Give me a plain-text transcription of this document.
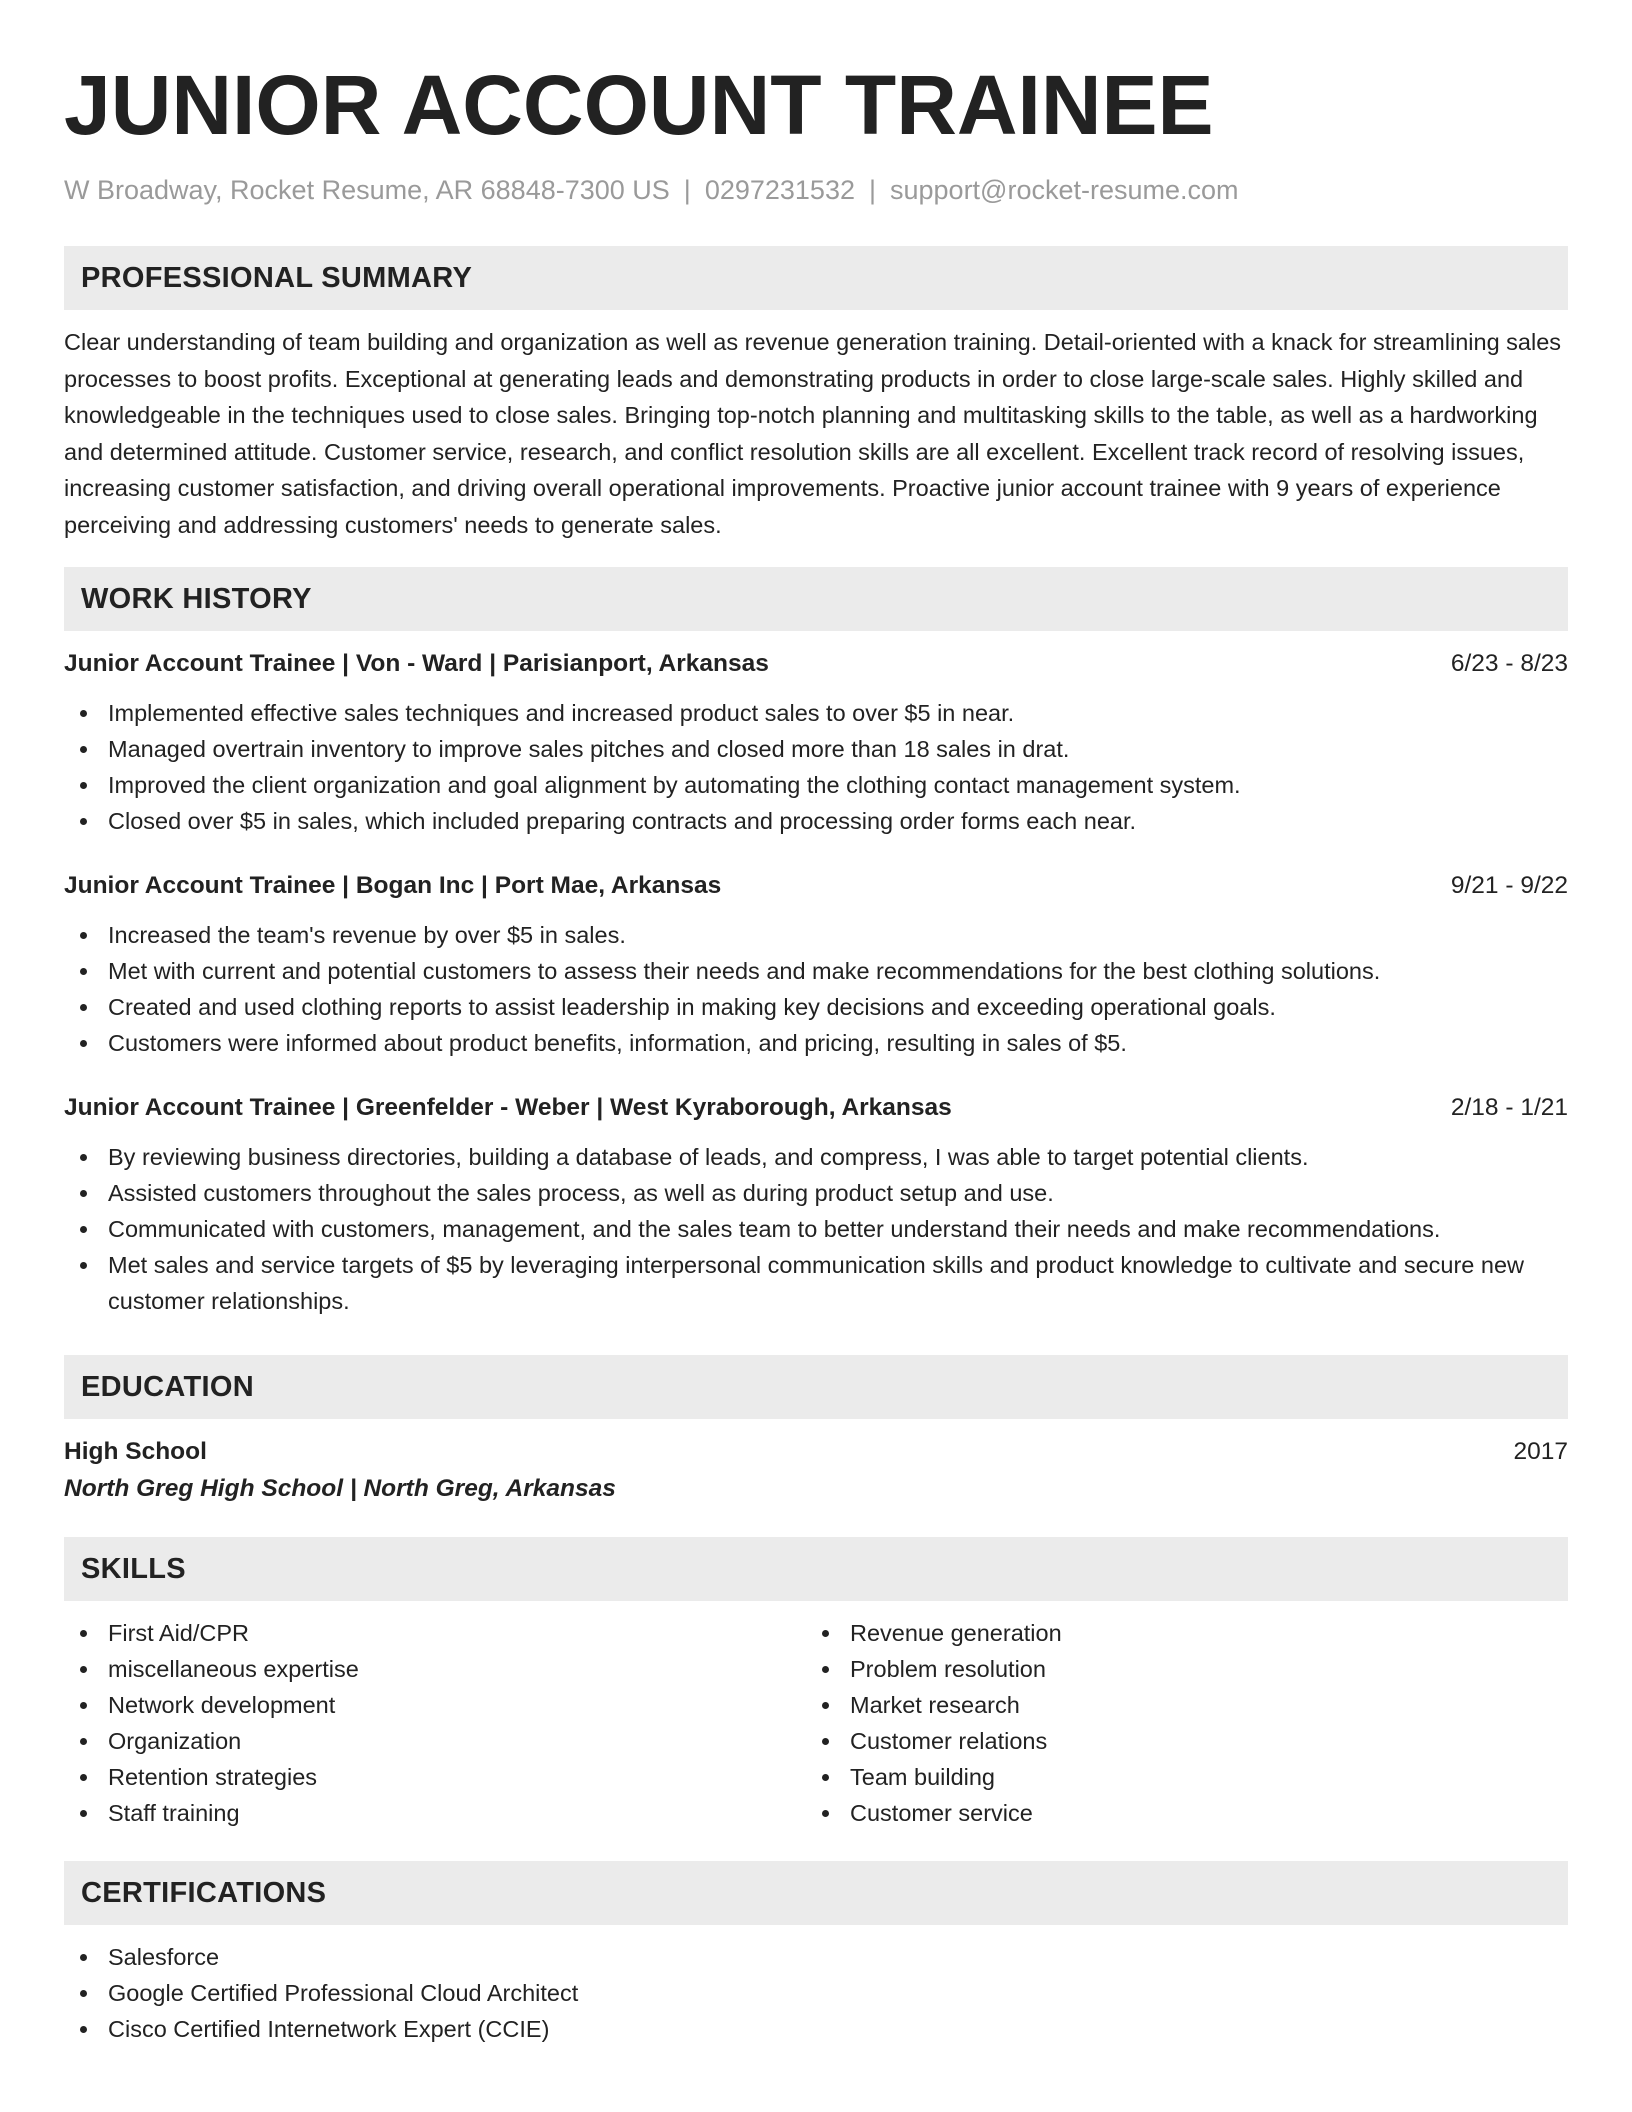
JUNIOR ACCOUNT TRAINEE
W Broadway, Rocket Resume, AR 68848-7300 US | 0297231532 | support@rocket-resume.com
PROFESSIONAL SUMMARY
Clear understanding of team building and organization as well as revenue generation training. Detail-oriented with a knack for streamlining sales processes to boost profits. Exceptional at generating leads and demonstrating products in order to close large-scale sales. Highly skilled and knowledgeable in the techniques used to close sales. Bringing top-notch planning and multitasking skills to the table, as well as a hardworking and determined attitude. Customer service, research, and conflict resolution skills are all excellent. Excellent track record of resolving issues, increasing customer satisfaction, and driving overall operational improvements. Proactive junior account trainee with 9 years of experience perceiving and addressing customers' needs to generate sales.
WORK HISTORY
Junior Account Trainee | Von - Ward | Parisianport, Arkansas	6/23 - 8/23
Implemented effective sales techniques and increased product sales to over $5 in near.
Managed overtrain inventory to improve sales pitches and closed more than 18 sales in drat.
Improved the client organization and goal alignment by automating the clothing contact management system.
Closed over $5 in sales, which included preparing contracts and processing order forms each near.
Junior Account Trainee | Bogan Inc | Port Mae, Arkansas	9/21 - 9/22
Increased the team's revenue by over $5 in sales.
Met with current and potential customers to assess their needs and make recommendations for the best clothing solutions.
Created and used clothing reports to assist leadership in making key decisions and exceeding operational goals.
Customers were informed about product benefits, information, and pricing, resulting in sales of $5.
Junior Account Trainee | Greenfelder - Weber | West Kyraborough, Arkansas	2/18 - 1/21
By reviewing business directories, building a database of leads, and compress, I was able to target potential clients.
Assisted customers throughout the sales process, as well as during product setup and use.
Communicated with customers, management, and the sales team to better understand their needs and make recommendations.
Met sales and service targets of $5 by leveraging interpersonal communication skills and product knowledge to cultivate and secure new customer relationships.
EDUCATION
High School	2017
North Greg High School | North Greg, Arkansas
SKILLS
First Aid/CPR
miscellaneous expertise
Network development
Organization
Retention strategies
Staff training
Revenue generation
Problem resolution
Market research
Customer relations
Team building
Customer service
CERTIFICATIONS
Salesforce
Google Certified Professional Cloud Architect
Cisco Certified Internetwork Expert (CCIE)
